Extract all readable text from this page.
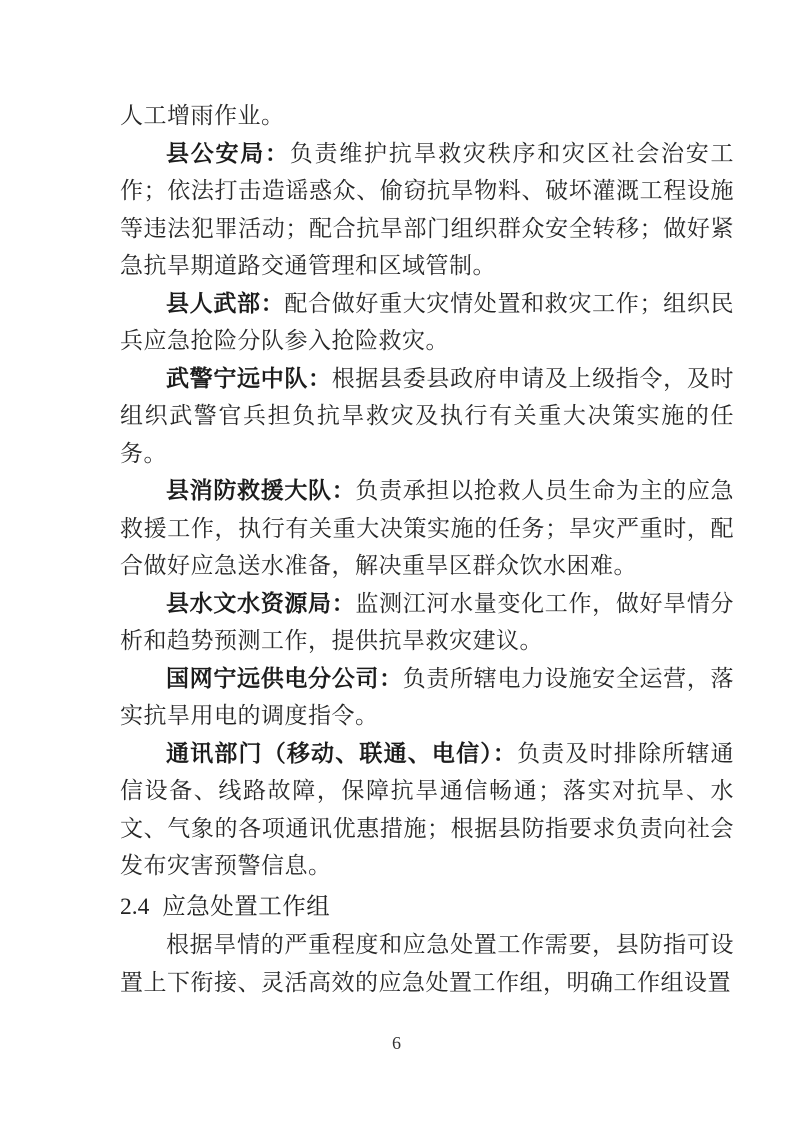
人工增雨作业。

县公安局：负责维护抗旱救灾秩序和灾区社会治安工作；依法打击造谣惑众、偷窃抗旱物料、破坏灌溉工程设施等违法犯罪活动；配合抗旱部门组织群众安全转移；做好紧急抗旱期道路交通管理和区域管制。

县人武部：配合做好重大灾情处置和救灾工作；组织民兵应急抢险分队参入抢险救灾。

武警宁远中队：根据县委县政府申请及上级指令，及时组织武警官兵担负抗旱救灾及执行有关重大决策实施的任务。

县消防救援大队：负责承担以抢救人员生命为主的应急救援工作，执行有关重大决策实施的任务；旱灾严重时，配合做好应急送水准备，解决重旱区群众饮水困难。

县水文水资源局：监测江河水量变化工作，做好旱情分析和趋势预测工作，提供抗旱救灾建议。

国网宁远供电分公司：负责所辖电力设施安全运营，落实抗旱用电的调度指令。

通讯部门（移动、联通、电信）：负责及时排除所辖通信设备、线路故障，保障抗旱通信畅通；落实对抗旱、水文、气象的各项通讯优惠措施；根据县防指要求负责向社会发布灾害预警信息。

2.4 应急处置工作组

根据旱情的严重程度和应急处置工作需要，县防指可设置上下衔接、灵活高效的应急处置工作组，明确工作组设置

6
